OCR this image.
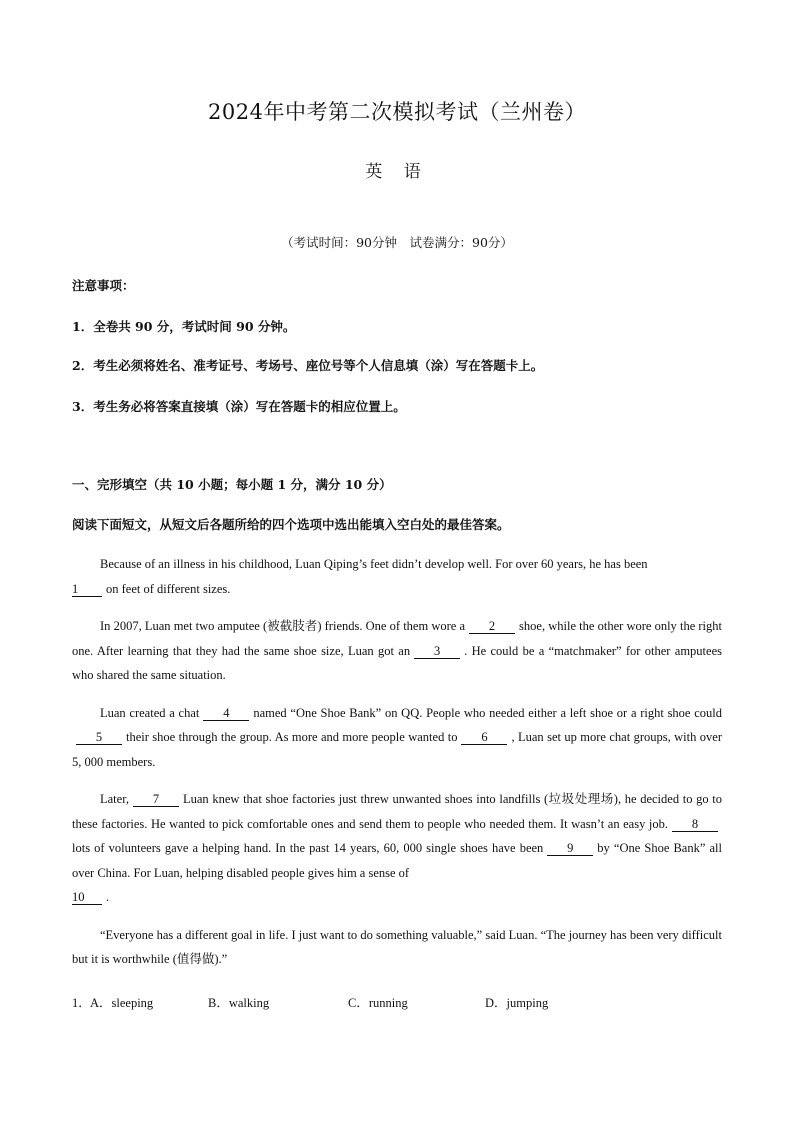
2024年中考第二次模拟考试（兰州卷）
英 语
（考试时间：90分钟　试卷满分：90分）
注意事项：
1．全卷共 90 分，考试时间 90 分钟。
2．考生必须将姓名、准考证号、考场号、座位号等个人信息填（涂）写在答题卡上。
3．考生务必将答案直接填（涂）写在答题卡的相应位置上。
一、完形填空（共 10 小题；每小题 1 分，满分 10 分）
阅读下面短文，从短文后各题所给的四个选项中选出能填入空白处的最佳答案。

Because of an illness in his childhood, Luan Qiping’s feet didn’t develop well. For over 60 years, he has been
1 on feet of different sizes.

In 2007, Luan met two amputee (被截肢者) friends. One of them wore a 2 shoe, while the other wore only the right one. After learning that they had the same shoe size, Luan got an 3 . He could be a “matchmaker” for other amputees who shared the same situation.

Luan created a chat 4 named “One Shoe Bank” on QQ. People who needed either a left shoe or a right shoe could5 their shoe through the group. As more and more people wanted to 6 , Luan set up more chat groups, with over 5, 000 members.

Later, 7 Luan knew that shoe factories just threw unwanted shoes into landfills (垃圾处理场), he decided to go to these factories. He wanted to pick comfortable ones and send them to people who needed them. It wasn’t an easy job. 8lots of volunteers gave a helping hand. In the past 14 years, 60, 000 single shoes have been 9 by “One Shoe Bank” all over China. For Luan, helping disabled people gives him a sense of
10 .

“Everyone has a different goal in life. I just want to do something valuable,” said Luan. “The journey has been very difficult but it is worthwhile (值得做).”

1． A．sleeping	B．walking	C．running	D．jumping
